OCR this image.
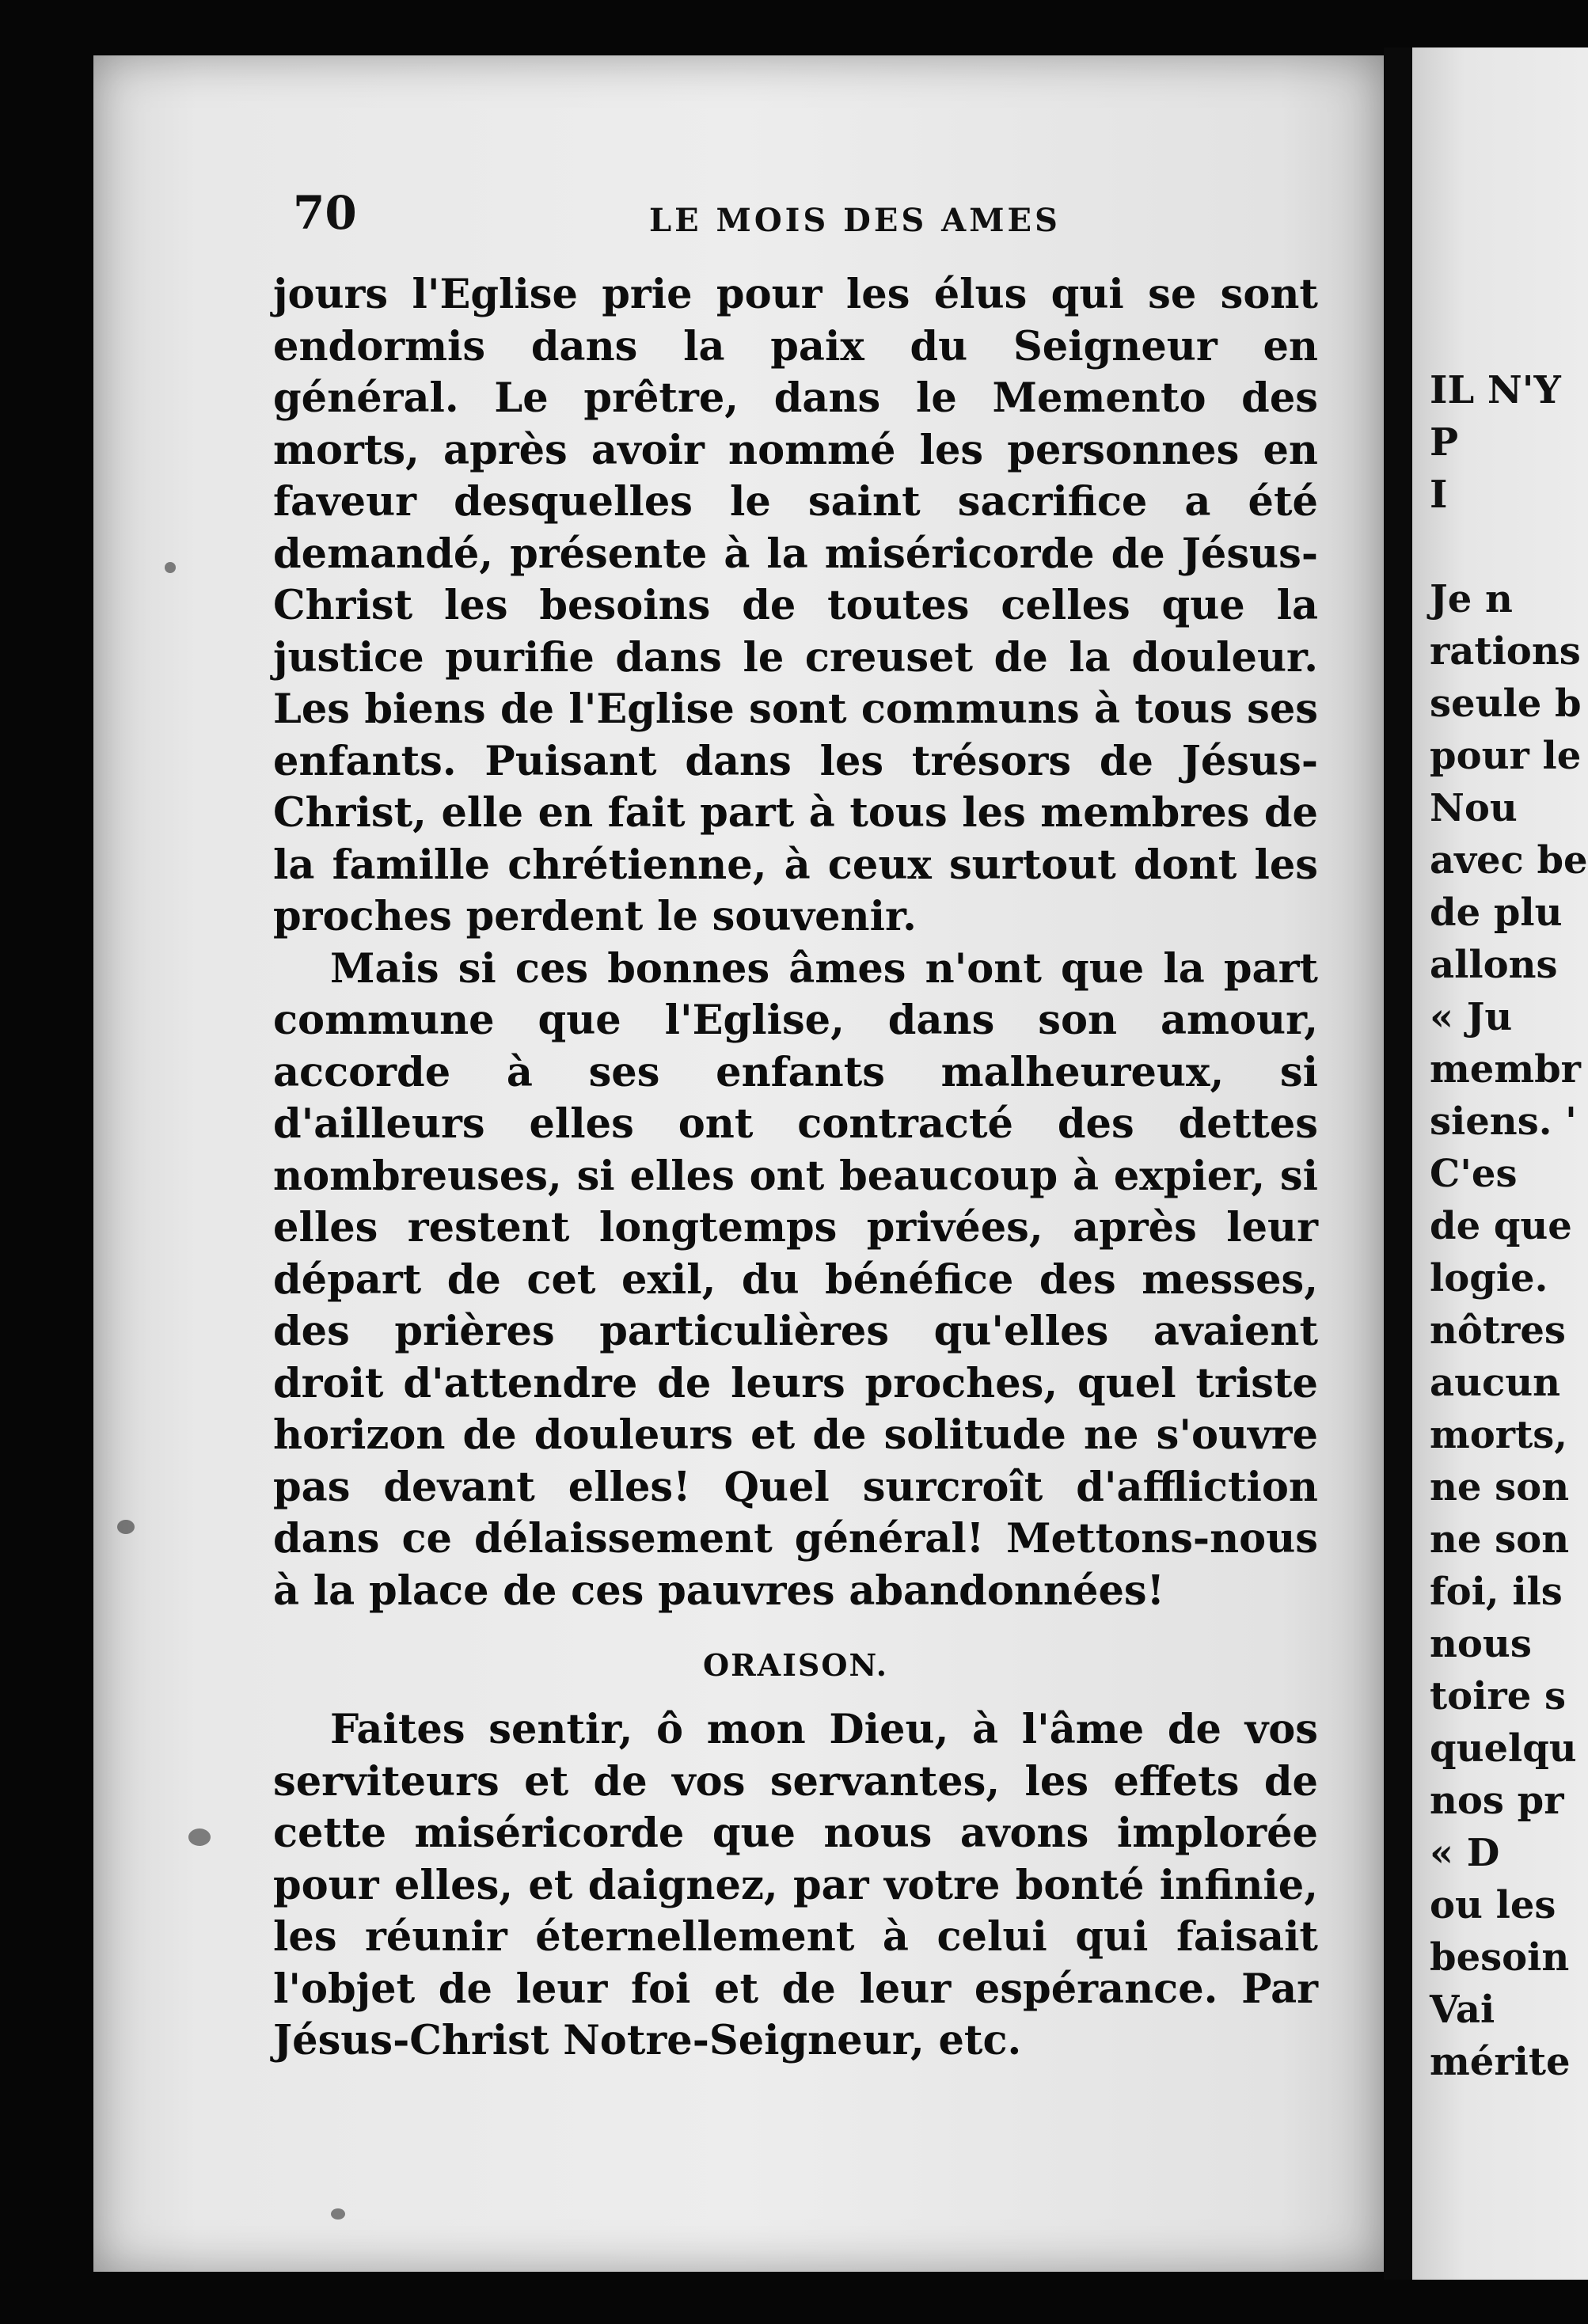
70	LE MOIS DES AMES

jours l'Eglise prie pour les élus qui se sont endormis dans la paix du Seigneur en général. Le prêtre, dans le Memento des morts, après avoir nommé les personnes en faveur desquelles le saint sacrifice a été demandé, présente à la miséricorde de Jésus-Christ les besoins de toutes celles que la justice purifie dans le creuset de la douleur. Les biens de l'Eglise sont communs à tous ses enfants. Puisant dans les trésors de Jésus-Christ, elle en fait part à tous les membres de la famille chrétienne, à ceux surtout dont les proches perdent le souvenir.

Mais si ces bonnes âmes n'ont que la part commune que l'Eglise, dans son amour, accorde à ses enfants malheureux, si d'ailleurs elles ont contracté des dettes nombreuses, si elles ont beaucoup à expier, si elles restent longtemps privées, après leur départ de cet exil, du bénéfice des messes, des prières particulières qu'elles avaient droit d'attendre de leurs proches, quel triste horizon de douleurs et de solitude ne s'ouvre pas devant elles! Quel surcroît d'affliction dans ce délaissement général! Mettons-nous à la place de ces pauvres abandonnées!

ORAISON.

Faites sentir, ô mon Dieu, à l'âme de vos serviteurs et de vos servantes, les effets de cette miséricorde que nous avons implorée pour elles, et daignez, par votre bonté infinie, les réunir éternellement à celui qui faisait l'objet de leur foi et de leur espérance. Par Jésus-Christ Notre-Seigneur, etc.

IL N'Y
P
I
Je n
rations
seule b
pour le
Nou
avec be
de plu
allons
« Ju
membr
siens. '
C'es
de que
logie.
nôtres
aucun
morts,
ne son
ne son
foi, ils
nous
toire s
quelqu
nos pr
« D
ou les
besoin
Vai
mérite
